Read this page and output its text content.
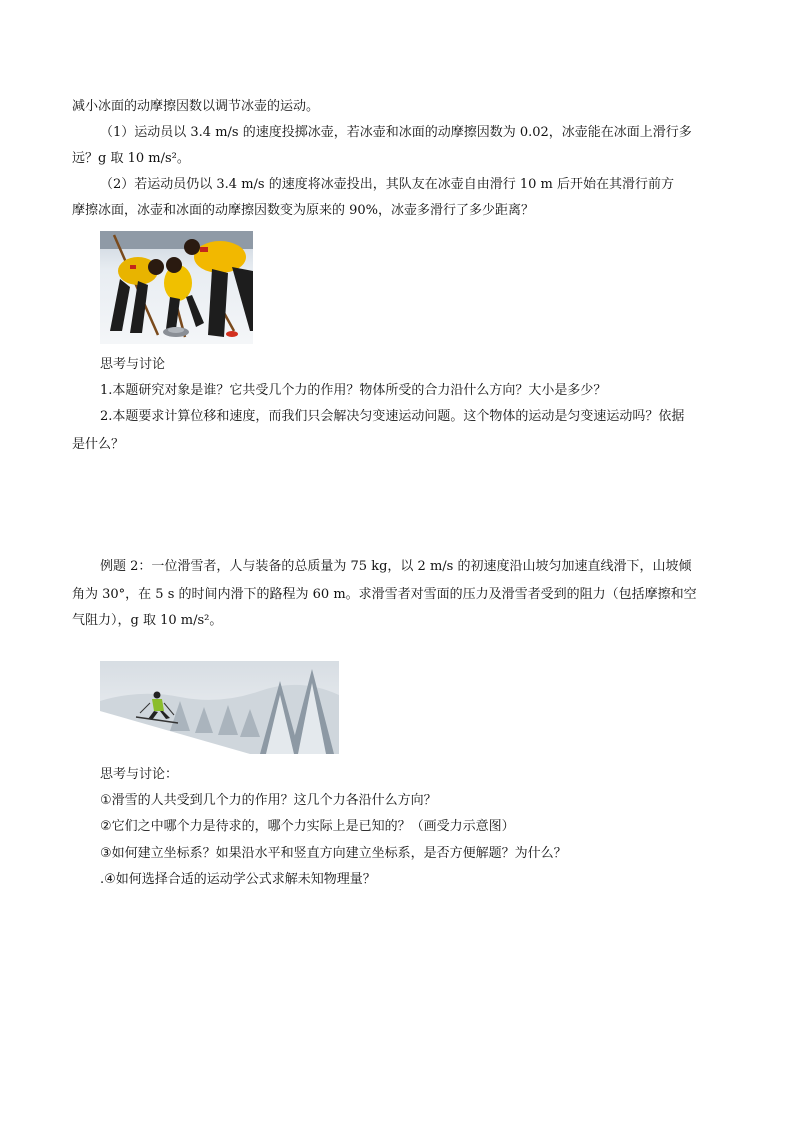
减小冰面的动摩擦因数以调节冰壶的运动。
（1）运动员以 3.4 m/s 的速度投掷冰壶，若冰壶和冰面的动摩擦因数为 0.02，冰壶能在冰面上滑行多
远？g 取 10 m/s²。
（2）若运动员仍以 3.4 m/s 的速度将冰壶投出，其队友在冰壶自由滑行 10 m 后开始在其滑行前方
摩擦冰面，冰壶和冰面的动摩擦因数变为原来的 90%，冰壶多滑行了多少距离？
思考与讨论
1.本题研究对象是谁？它共受几个力的作用？物体所受的合力沿什么方向？大小是多少？
2.本题要求计算位移和速度，而我们只会解决匀变速运动问题。这个物体的运动是匀变速运动吗？依据
是什么？
例题 2：一位滑雪者，人与装备的总质量为 75 kg，以 2 m/s 的初速度沿山坡匀加速直线滑下，山坡倾
角为 30°，在 5 s 的时间内滑下的路程为 60 m。求滑雪者对雪面的压力及滑雪者受到的阻力（包括摩擦和空
气阻力），g 取 10 m/s²。
思考与讨论：
①滑雪的人共受到几个力的作用？这几个力各沿什么方向？
②它们之中哪个力是待求的，哪个力实际上是已知的？（画受力示意图）
③如何建立坐标系？如果沿水平和竖直方向建立坐标系，是否方便解题？为什么？
.④如何选择合适的运动学公式求解未知物理量？
